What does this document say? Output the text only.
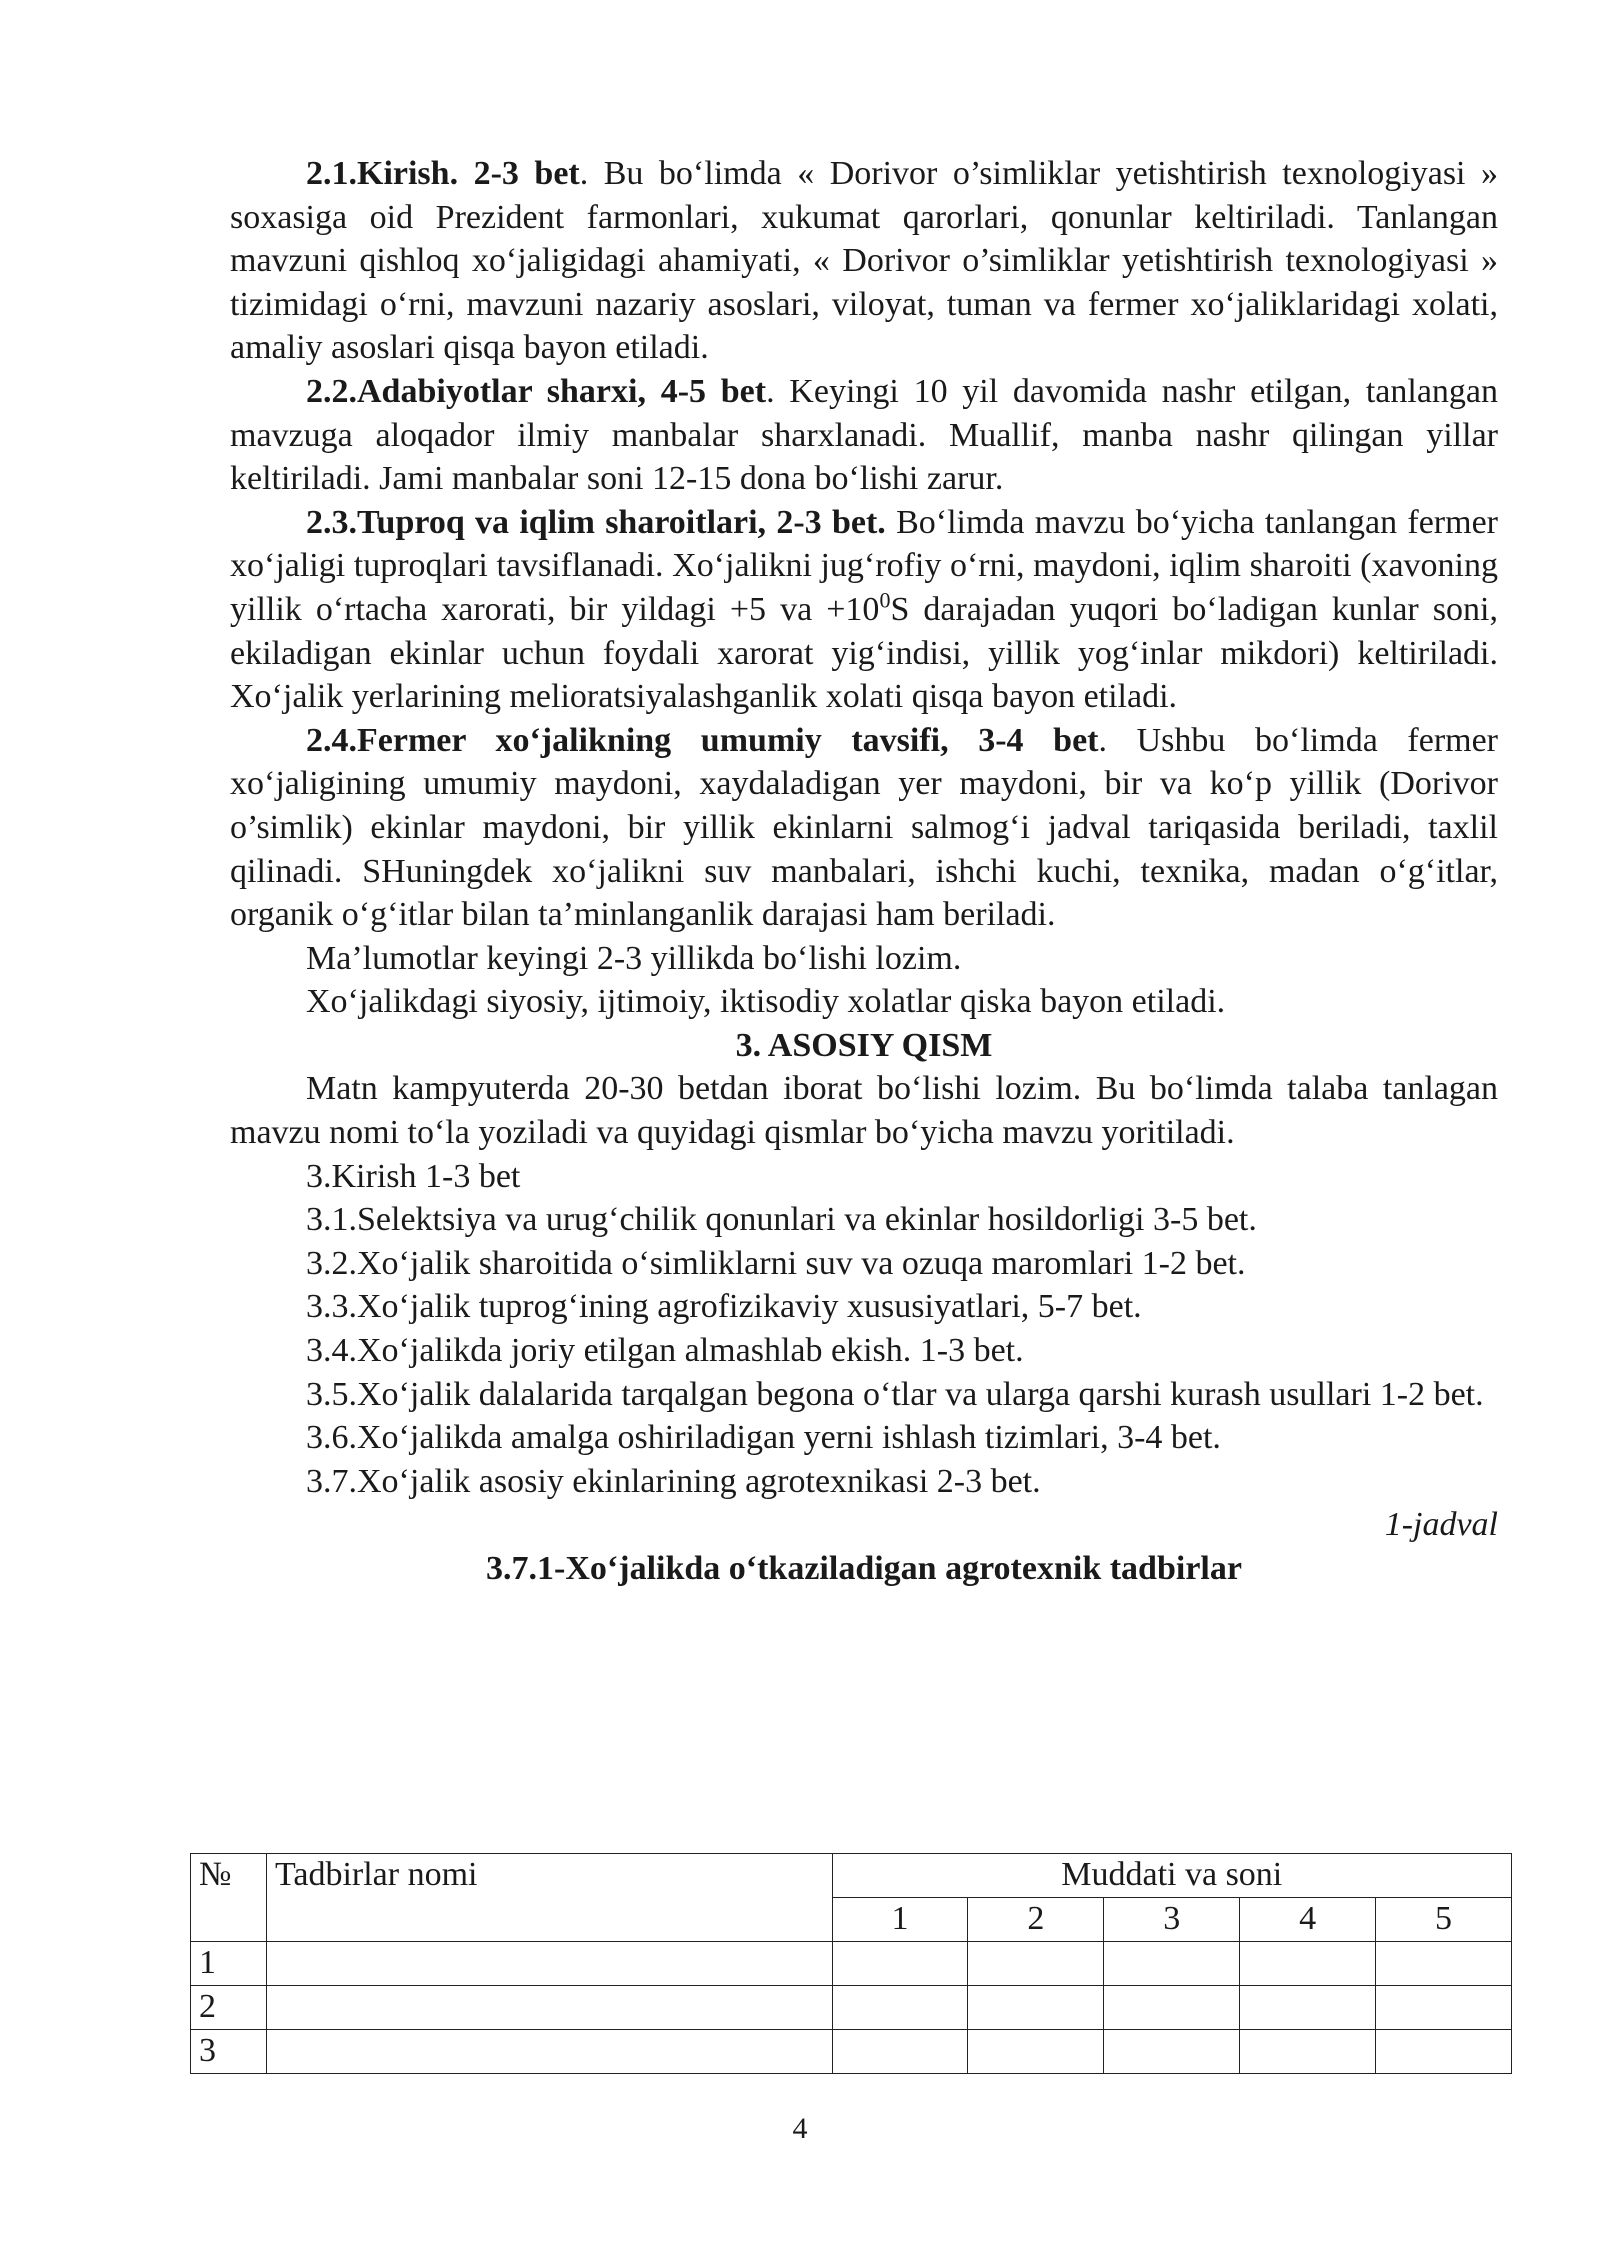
2.1.Kirish. 2-3 bet. Bu bo‘limda « Dorivor o’simliklar yetishtirish texnologiyasi » soxasiga oid Prezident farmonlari, xukumat qarorlari, qonunlar keltiriladi. Tanlangan mavzuni qishloq xo‘jaligidagi ahamiyati, « Dorivor o’simliklar yetishtirish texnologiyasi » tizimidagi o‘rni, mavzuni nazariy asoslari, viloyat, tuman va fermer xo‘jaliklaridagi xolati, amaliy asoslari qisqa bayon etiladi.

2.2.Adabiyotlar sharxi, 4-5 bet. Keyingi 10 yil davomida nashr etilgan, tanlangan mavzuga aloqador ilmiy manbalar sharxlanadi. Muallif, manba nashr qilingan yillar keltiriladi. Jami manbalar soni 12-15 dona bo‘lishi zarur.

2.3.Tuproq va iqlim sharoitlari, 2-3 bet. Bo‘limda mavzu bo‘yicha tanlangan fermer xo‘jaligi tuproqlari tavsiflanadi. Xo‘jalikni jug‘rofiy o‘rni, maydoni, iqlim sharoiti (xavoning yillik o‘rtacha xarorati, bir yildagi +5 va $+10^0S$ darajadan yuqori bo‘ladigan kunlar soni, ekiladigan ekinlar uchun foydali xarorat yig‘indisi, yillik yog‘inlar mikdori) keltiriladi. Xo‘jalik yerlarining melioratsiyalashganlik xolati qisqa bayon etiladi.

2.4.Fermer xo‘jalikning umumiy tavsifi, 3-4 bet. Ushbu bo‘limda fermer xo‘jaligining umumiy maydoni, xaydaladigan yer maydoni, bir va ko‘p yillik (Dorivor o’simlik) ekinlar maydoni, bir yillik ekinlarni salmog‘i jadval tariqasida beriladi, taxlil qilinadi. SHuningdek xo‘jalikni suv manbalari, ishchi kuchi, texnika, madan o‘g‘itlar, organik o‘g‘itlar bilan ta’minlanganlik darajasi ham beriladi.

Ma’lumotlar keyingi 2-3 yillikda bo‘lishi lozim.

Xo‘jalikdagi siyosiy, ijtimoiy, iktisodiy xolatlar qiska bayon etiladi.

3. ASOSIY QISM

Matn kampyuterda 20-30 betdan iborat bo‘lishi lozim. Bu bo‘limda talaba tanlagan mavzu nomi to‘la yoziladi va quyidagi qismlar bo‘yicha mavzu yoritiladi.

3.Kirish 1-3 bet

3.1.Selektsiya va urug‘chilik qonunlari va ekinlar hosildorligi 3-5 bet.

3.2.Xo‘jalik sharoitida o‘simliklarni suv va ozuqa maromlari 1-2 bet.

3.3.Xo‘jalik tuprog‘ining agrofizikaviy xususiyatlari, 5-7 bet.

3.4.Xo‘jalikda joriy etilgan almashlab ekish. 1-3 bet.

3.5.Xo‘jalik dalalarida tarqalgan begona o‘tlar va ularga qarshi kurash usullari 1-2 bet.

3.6.Xo‘jalikda amalga oshiriladigan yerni ishlash tizimlari, 3-4 bet.

3.7.Xo‘jalik asosiy ekinlarining agrotexnikasi 2-3 bet.

1-jadval

3.7.1-Xo‘jalikda o‘tkaziladigan agrotexnik tadbirlar

№	Tadbirlar nomi	Muddati va soni				
		1	2	3	4	5
1						
2						
3						
4
